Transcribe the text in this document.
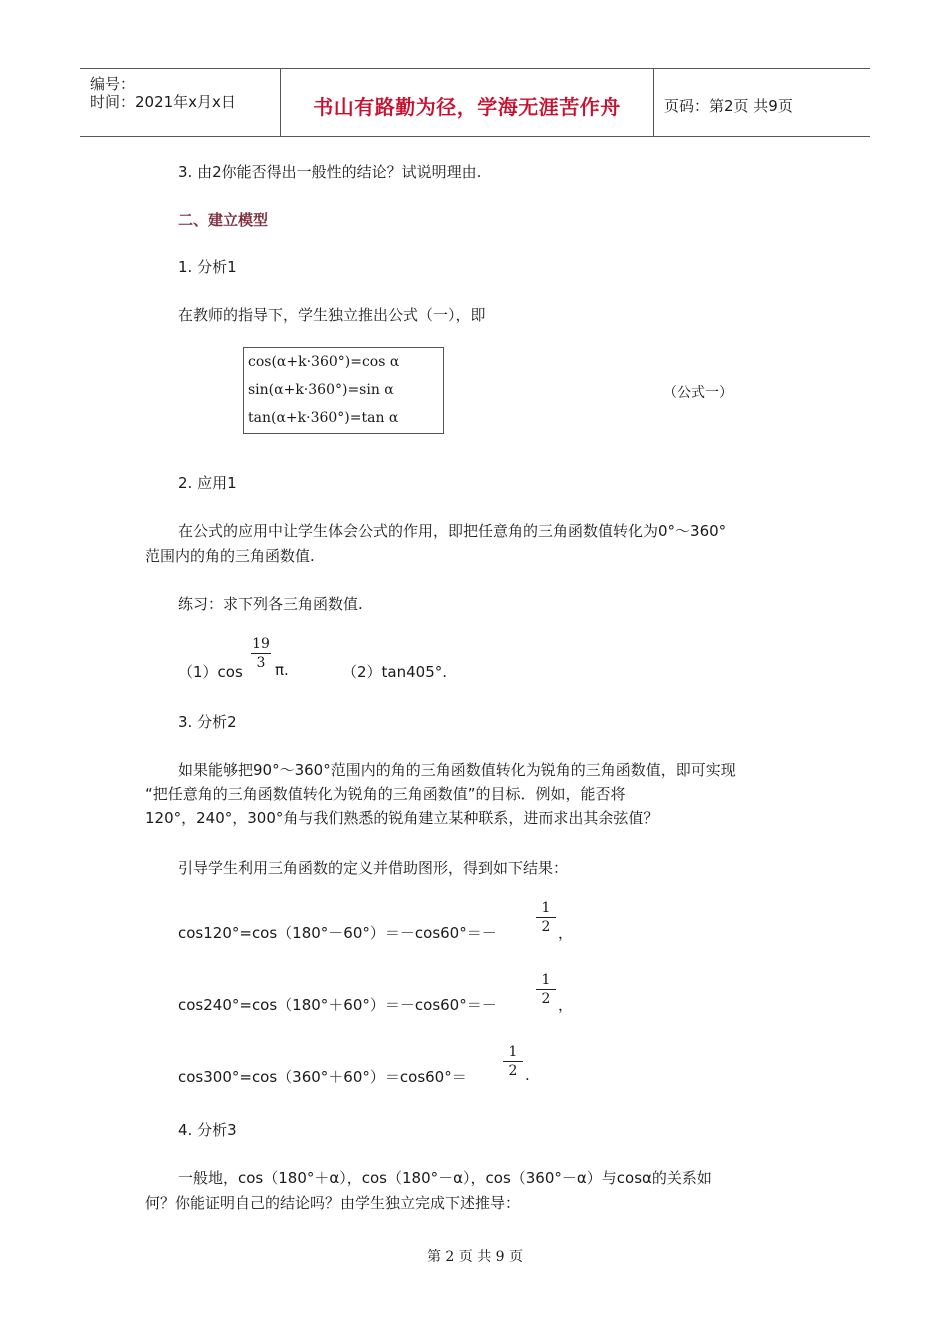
编号：
时间：2021年x月x日	书山有路勤为径，学海无涯苦作舟	页码：第2页 共9页
3. 由2你能否得出一般性的结论？试说明理由.
二、建立模型
1. 分析1
在教师的指导下，学生独立推出公式（一），即
cos(α+k·360°)=cos α
sin(α+k·360°)=sin α
tan(α+k·360°)=tan α
（公式一）
2. 应用1
在公式的应用中让学生体会公式的作用，即把任意角的三角函数值转化为0°～360°
范围内的角的三角函数值.
练习：求下列各三角函数值.
（1）cos
19
3 π.	（2）tan405°.
3. 分析2
如果能够把90°～360°范围内的角的三角函数值转化为锐角的三角函数值，即可实现
“把任意角的三角函数值转化为锐角的三角函数值”的目标．例如，能否将
120°，240°，300°角与我们熟悉的锐角建立某种联系，进而求出其余弦值？
引导学生利用三角函数的定义并借助图形，得到如下结果：
cos120°=cos（180°－60°）＝－cos60°＝－
1
2 ，
cos240°=cos（180°＋60°）＝－cos60°＝－
1
2 ，
cos300°=cos（360°＋60°）＝cos60°＝
1
2 .
4. 分析3
一般地，cos（180°＋α），cos（180°－α），cos（360°－α）与cosα的关系如
何？你能证明自己的结论吗？由学生独立完成下述推导：
第 2 页 共 9 页
